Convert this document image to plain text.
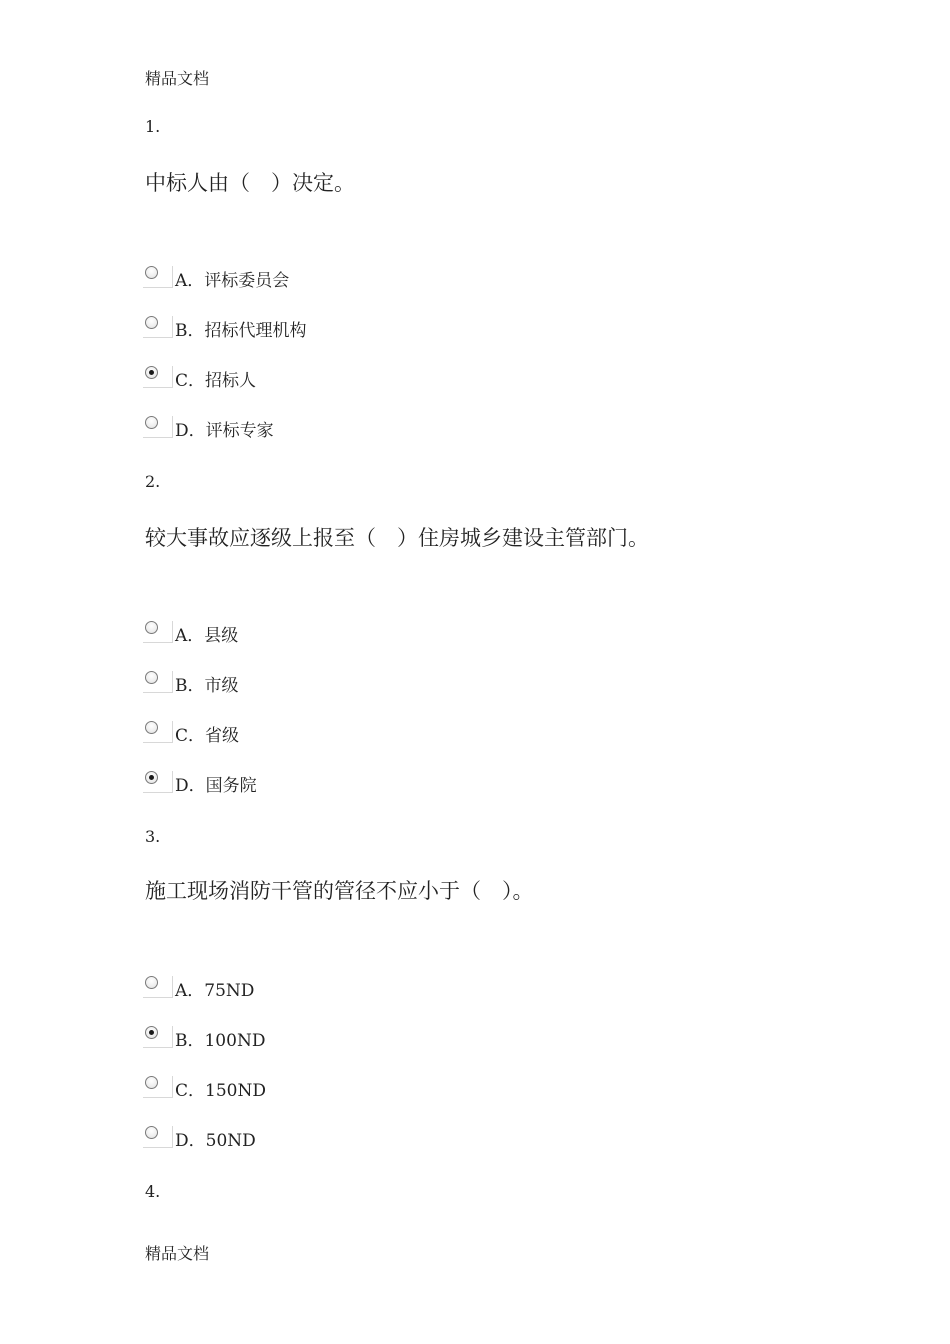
精品文档
1.
中标人由（　）决定。
A．评标委员会
B．招标代理机构
C．招标人
D．评标专家
2.
较大事故应逐级上报至（　）住房城乡建设主管部门。
A．县级
B．市级
C．省级
D．国务院
3.
施工现场消防干管的管径不应小于（　）。
A．75ND
B．100ND
C．150ND
D．50ND
4.
精品文档
